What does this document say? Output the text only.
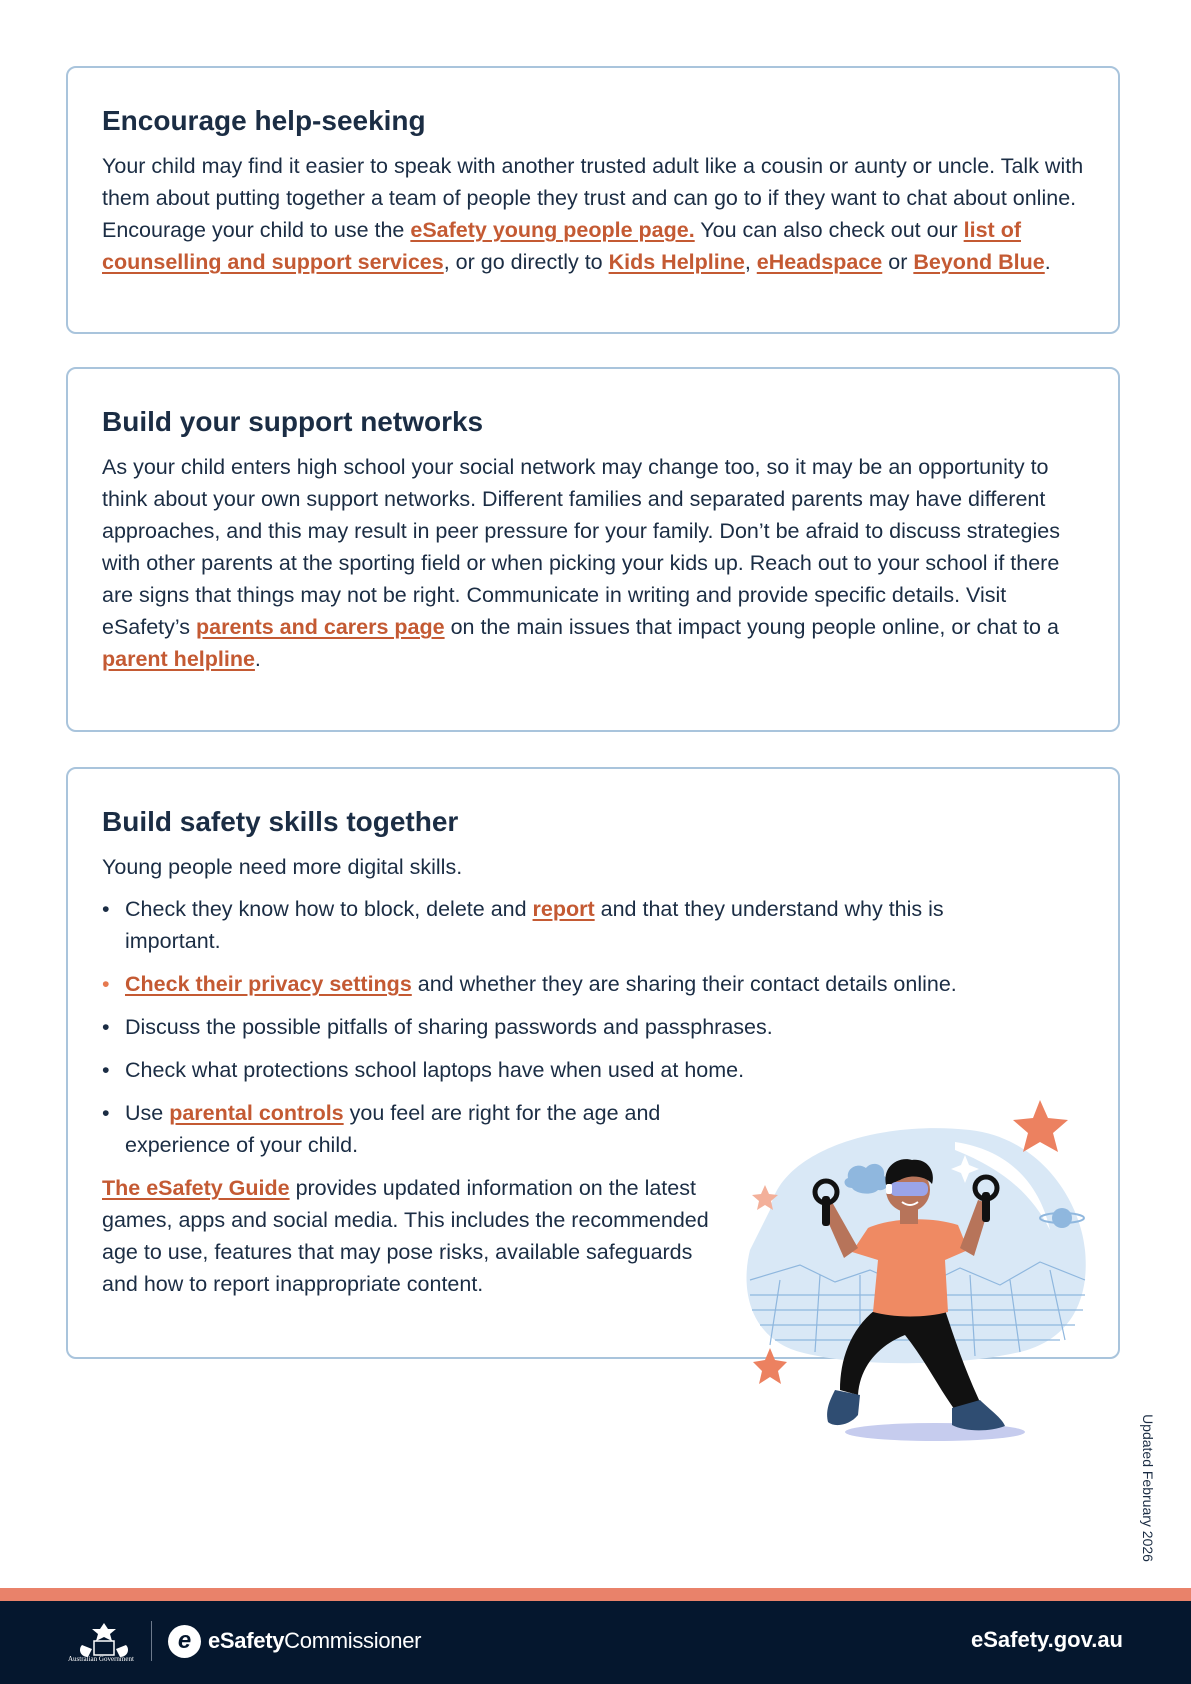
Encourage help-seeking

Your child may find it easier to speak with another trusted adult like a cousin or aunty or uncle. Talk with them about putting together a team of people they trust and can go to if they want to chat about online. Encourage your child to use the eSafety young people page. You can also check out our list of counselling and support services, or go directly to Kids Helpline, eHeadspace or Beyond Blue.

Build your support networks

As your child enters high school your social network may change too, so it may be an opportunity to think about your own support networks. Different families and separated parents may have different approaches, and this may result in peer pressure for your family. Don’t be afraid to discuss strategies with other parents at the sporting field or when picking your kids up. Reach out to your school if there are signs that things may not be right. Communicate in writing and provide specific details. Visit eSafety’s parents and carers page on the main issues that impact young people online, or chat to a parent helpline.

Build safety skills together

Young people need more digital skills.

• Check they know how to block, delete and report and that they understand why this is important.
• Check their privacy settings and whether they are sharing their contact details online.
• Discuss the possible pitfalls of sharing passwords and passphrases.
• Check what protections school laptops have when used at home.
• Use parental controls you feel are right for the age and experience of your child.

The eSafety Guide provides updated information on the latest games, apps and social media. This includes the recommended age to use, features that may pose risks, available safeguards and how to report inappropriate content.

Updated February 2026
Australian Government
e eSafety Commissioner	eSafety.gov.au
